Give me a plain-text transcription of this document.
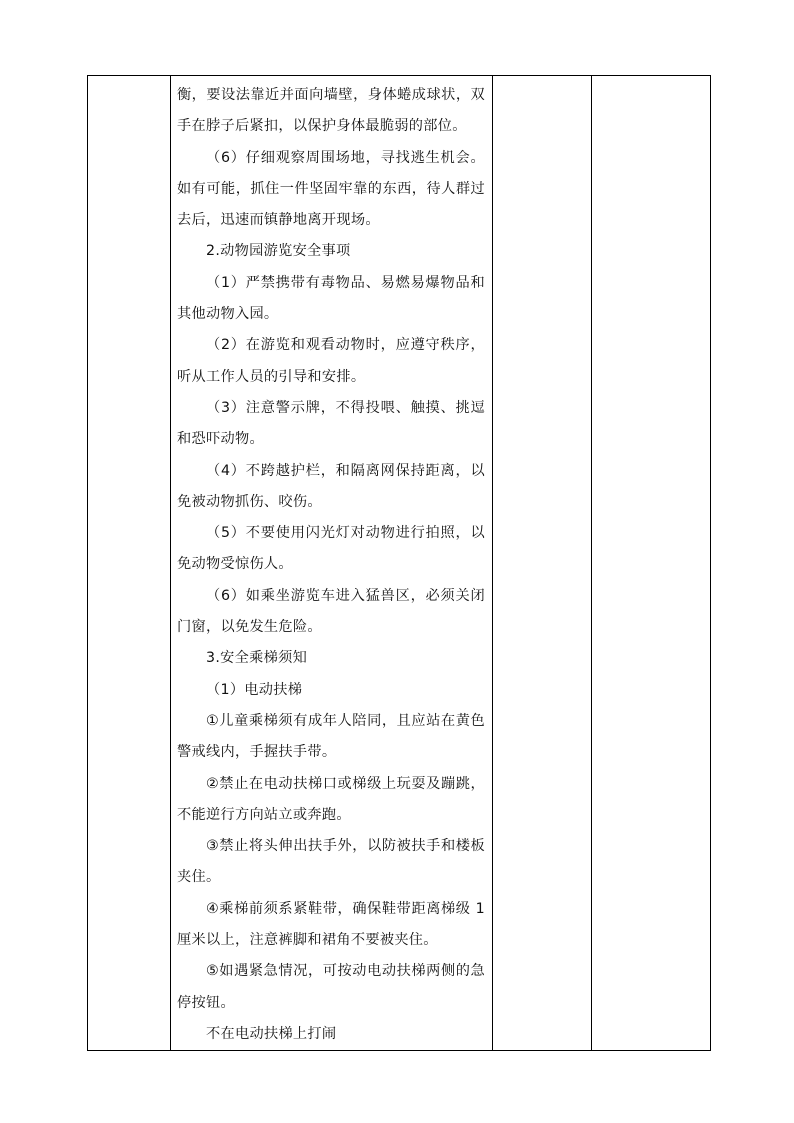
衡，要设法靠近并面向墙壁，身体蜷成球状，双手在脖子后紧扣，以保护身体最脆弱的部位。

（6）仔细观察周围场地，寻找逃生机会。如有可能，抓住一件坚固牢靠的东西，待人群过去后，迅速而镇静地离开现场。

2.动物园游览安全事项

（1）严禁携带有毒物品、易燃易爆物品和其他动物入园。

（2）在游览和观看动物时，应遵守秩序，听从工作人员的引导和安排。

（3）注意警示牌，不得投喂、触摸、挑逗和恐吓动物。

（4）不跨越护栏，和隔离网保持距离，以免被动物抓伤、咬伤。

（5）不要使用闪光灯对动物进行拍照，以免动物受惊伤人。

（6）如乘坐游览车进入猛兽区，必须关闭门窗，以免发生危险。

3.安全乘梯须知

（1）电动扶梯

①儿童乘梯须有成年人陪同，且应站在黄色警戒线内，手握扶手带。

②禁止在电动扶梯口或梯级上玩耍及蹦跳，不能逆行方向站立或奔跑。

③禁止将头伸出扶手外，以防被扶手和楼板夹住。

④乘梯前须系紧鞋带，确保鞋带距离梯级 1 厘米以上，注意裤脚和裙角不要被夹住。

⑤如遇紧急情况，可按动电动扶梯两侧的急停按钮。

不在电动扶梯上打闹
